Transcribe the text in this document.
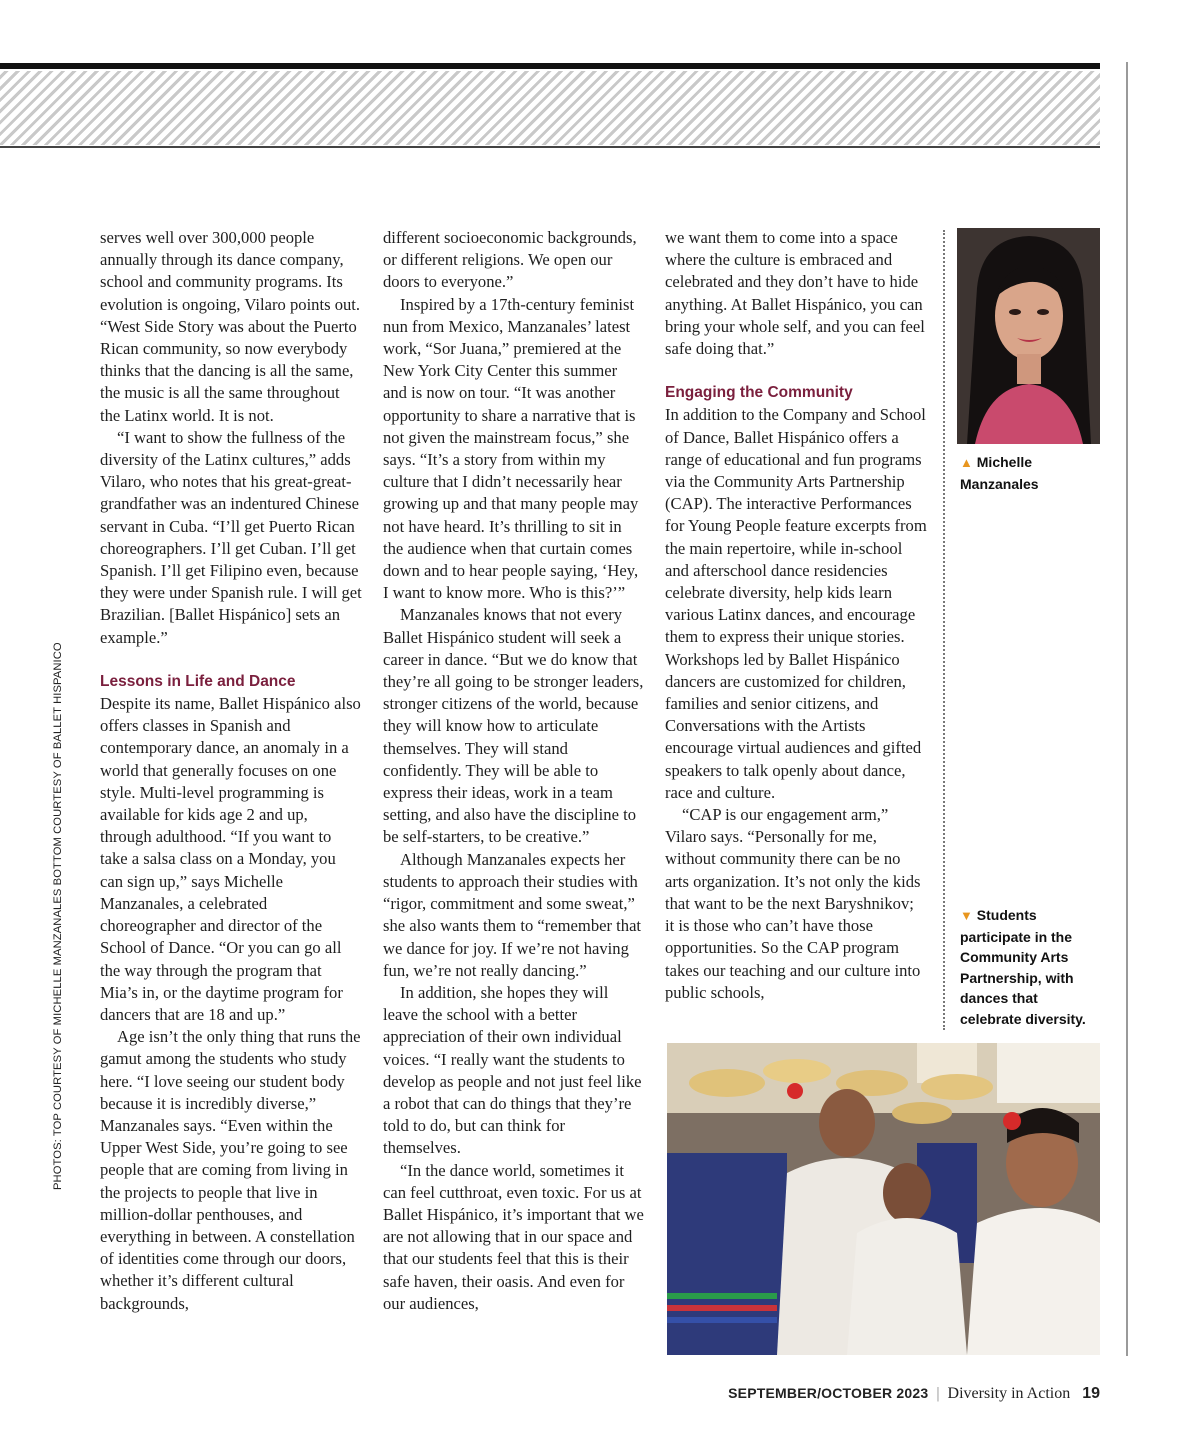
PHOTOS: TOP COURTESY OF MICHELLE MANZANALES BOTTOM COURTESY OF BALLET HISPANICO

serves well over 300,000 people annually through its dance company, school and community programs. Its evolution is ongoing, Vilaro points out. “West Side Story was about the Puerto Rican community, so now everybody thinks that the dancing is all the same, the music is all the same throughout the Latinx world. It is not.

“I want to show the fullness of the diversity of the Latinx cultures,” adds Vilaro, who notes that his great-great-grandfather was an indentured Chinese servant in Cuba. “I’ll get Puerto Rican choreographers. I’ll get Cuban. I’ll get Spanish. I’ll get Filipino even, because they were under Spanish rule. I will get Brazilian. [Ballet Hispánico] sets an example.”

Lessons in Life and Dance

Despite its name, Ballet Hispánico also offers classes in Spanish and contemporary dance, an anomaly in a world that generally focuses on one style. Multi-level programming is available for kids age 2 and up, through adulthood. “If you want to take a salsa class on a Monday, you can sign up,” says Michelle Manzanales, a celebrated choreographer and director of the School of Dance. “Or you can go all the way through the program that Mia’s in, or the daytime program for dancers that are 18 and up.”

Age isn’t the only thing that runs the gamut among the students who study here. “I love seeing our student body because it is incredibly diverse,” Manzanales says. “Even within the Upper West Side, you’re going to see people that are coming from living in the projects to people that live in million-dollar penthouses, and everything in between. A constellation of identities come through our doors, whether it’s different cultural backgrounds,

different socioeconomic backgrounds, or different religions. We open our doors to everyone.”

Inspired by a 17th-century feminist nun from Mexico, Manzanales’ latest work, “Sor Juana,” premiered at the New York City Center this summer and is now on tour. “It was another opportunity to share a narrative that is not given the mainstream focus,” she says. “It’s a story from within my culture that I didn’t necessarily hear growing up and that many people may not have heard. It’s thrilling to sit in the audience when that curtain comes down and to hear people saying, ‘Hey, I want to know more. Who is this?’”

Manzanales knows that not every Ballet Hispánico student will seek a career in dance. “But we do know that they’re all going to be stronger leaders, stronger citizens of the world, because they will know how to articulate themselves. They will stand confidently. They will be able to express their ideas, work in a team setting, and also have the discipline to be self-starters, to be creative.”

Although Manzanales expects her students to approach their studies with “rigor, commitment and some sweat,” she also wants them to “remember that we dance for joy. If we’re not having fun, we’re not really dancing.”

In addition, she hopes they will leave the school with a better appreciation of their own individual voices. “I really want the students to develop as people and not just feel like a robot that can do things that they’re told to do, but can think for themselves.

“In the dance world, sometimes it can feel cutthroat, even toxic. For us at Ballet Hispánico, it’s important that we are not allowing that in our space and that our students feel that this is their safe haven, their oasis. And even for our audiences,

we want them to come into a space where the culture is embraced and celebrated and they don’t have to hide anything. At Ballet Hispánico, you can bring your whole self, and you can feel safe doing that.”

Engaging the Community

In addition to the Company and School of Dance, Ballet Hispánico offers a range of educational and fun programs via the Community Arts Partnership (CAP). The interactive Performances for Young People feature excerpts from the main repertoire, while in-school and afterschool dance residencies celebrate diversity, help kids learn various Latinx dances, and encourage them to express their unique stories. Workshops led by Ballet Hispánico dancers are customized for children, families and senior citizens, and Conversations with the Artists encourage virtual audiences and gifted speakers to talk openly about dance, race and culture.

“CAP is our engagement arm,” Vilaro says. “Personally for me, without community there can be no arts organization. It’s not only the kids that want to be the next Baryshnikov; it is those who can’t have those opportunities. So the CAP program takes our teaching and our culture into public schools,

▲ Michelle Manzanales
▼ Students participate in the Community Arts Partnership, with dances that celebrate diversity.
SEPTEMBER/OCTOBER 2023 | Diversity in Action 19
